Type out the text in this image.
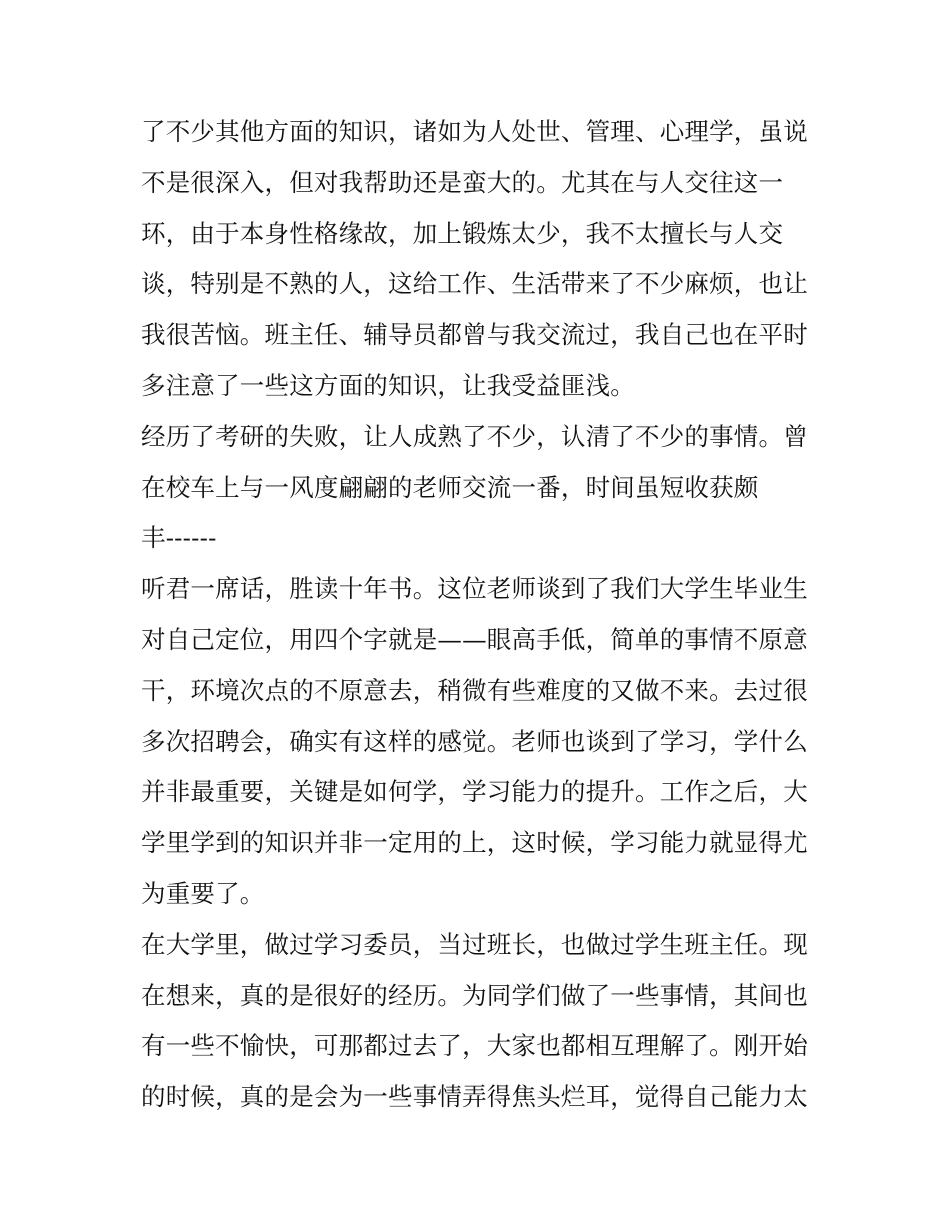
了不少其他方面的知识，诸如为人处世、管理、心理学，虽说
不是很深入，但对我帮助还是蛮大的。尤其在与人交往这一
环，由于本身性格缘故，加上锻炼太少，我不太擅长与人交
谈，特别是不熟的人，这给工作、生活带来了不少麻烦，也让
我很苦恼。班主任、辅导员都曾与我交流过，我自己也在平时
多注意了一些这方面的知识，让我受益匪浅。
经历了考研的失败，让人成熟了不少，认清了不少的事情。曾
在校车上与一风度翩翩的老师交流一番，时间虽短收获颇
丰------
听君一席话，胜读十年书。这位老师谈到了我们大学生毕业生
对自己定位，用四个字就是——眼高手低，简单的事情不原意
干，环境次点的不原意去，稍微有些难度的又做不来。去过很
多次招聘会，确实有这样的感觉。老师也谈到了学习，学什么
并非最重要，关键是如何学，学习能力的提升。工作之后，大
学里学到的知识并非一定用的上，这时候，学习能力就显得尤
为重要了。
在大学里，做过学习委员，当过班长，也做过学生班主任。现
在想来，真的是很好的经历。为同学们做了一些事情，其间也
有一些不愉快，可那都过去了，大家也都相互理解了。刚开始
的时候，真的是会为一些事情弄得焦头烂耳，觉得自己能力太
